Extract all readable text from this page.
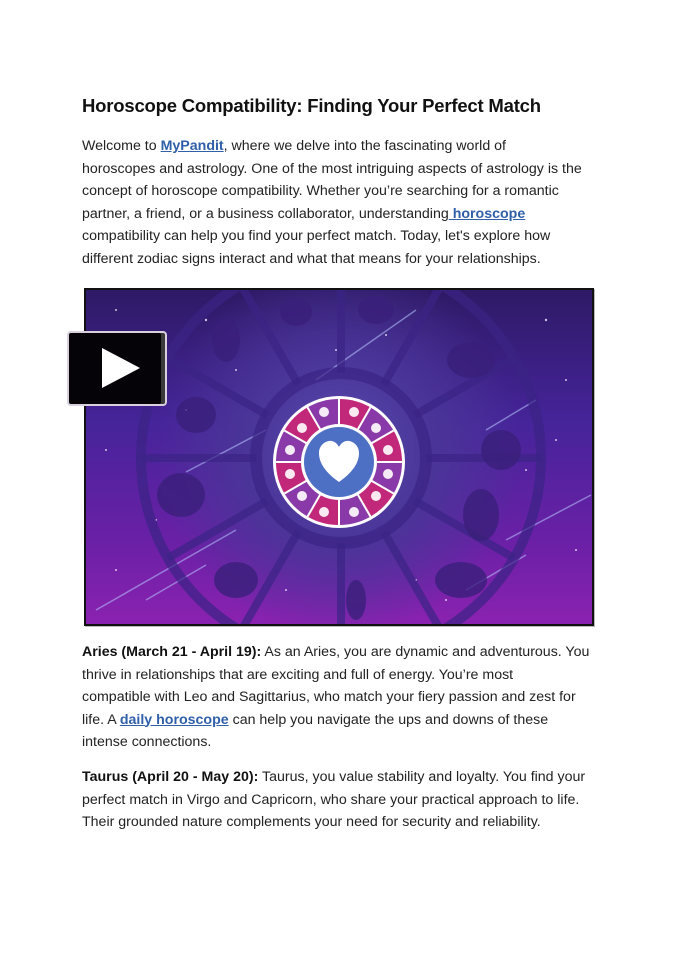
Horoscope Compatibility: Finding Your Perfect Match
Welcome to MyPandit, where we delve into the fascinating world of
horoscopes and astrology. One of the most intriguing aspects of astrology is the
concept of horoscope compatibility. Whether you’re searching for a romantic
partner, a friend, or a business collaborator, understanding horoscope
compatibility can help you find your perfect match. Today, let's explore how
different zodiac signs interact and what that means for your relationships.
Aries (March 21 - April 19): As an Aries, you are dynamic and adventurous. You
thrive in relationships that are exciting and full of energy. You’re most
compatible with Leo and Sagittarius, who match your fiery passion and zest for
life. A daily horoscope can help you navigate the ups and downs of these
intense connections.
Taurus (April 20 - May 20): Taurus, you value stability and loyalty. You find your
perfect match in Virgo and Capricorn, who share your practical approach to life.
Their grounded nature complements your need for security and reliability.
